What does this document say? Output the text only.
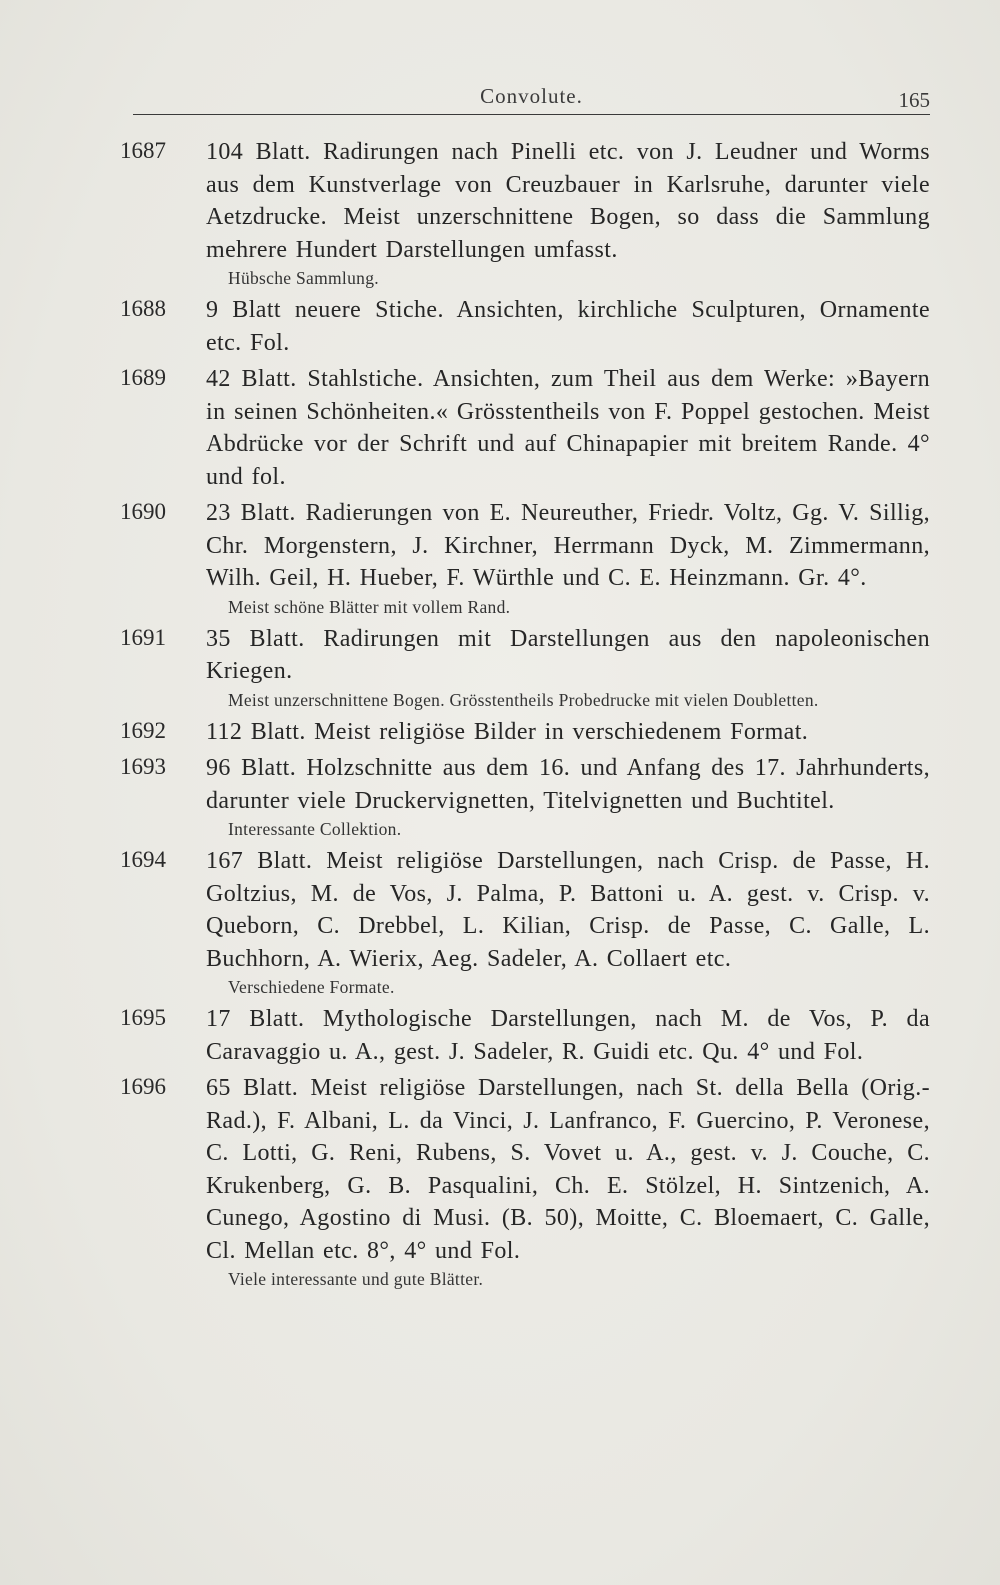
Convolute.	165
1687 104 Blatt. Radirungen nach Pinelli etc. von J. Leudner und Worms aus dem Kunstverlage von Creuzbauer in Karlsruhe, darunter viele Aetzdrucke. Meist unzerschnittene Bogen, so dass die Sammlung mehrere Hundert Darstellungen umfasst.
Hübsche Sammlung.
1688 9 Blatt neuere Stiche. Ansichten, kirchliche Sculpturen, Ornamente etc. Fol.
1689 42 Blatt. Stahlstiche. Ansichten, zum Theil aus dem Werke: »Bayern in seinen Schönheiten.« Grösstentheils von F. Poppel gestochen. Meist Abdrücke vor der Schrift und auf Chinapapier mit breitem Rande. 4° und fol.
1690 23 Blatt. Radierungen von E. Neureuther, Friedr. Voltz, Gg. V. Sillig, Chr. Morgenstern, J. Kirchner, Herrmann Dyck, M. Zimmermann, Wilh. Geil, H. Hueber, F. Würthle und C. E. Heinzmann. Gr. 4°.
Meist schöne Blätter mit vollem Rand.
1691 35 Blatt. Radirungen mit Darstellungen aus den napoleonischen Kriegen.
Meist unzerschnittene Bogen. Grösstentheils Probedrucke mit vielen Doubletten.
1692 112 Blatt. Meist religiöse Bilder in verschiedenem Format.
1693 96 Blatt. Holzschnitte aus dem 16. und Anfang des 17. Jahrhunderts, darunter viele Druckervignetten, Titelvignetten und Buchtitel.
Interessante Collektion.
1694 167 Blatt. Meist religiöse Darstellungen, nach Crisp. de Passe, H. Goltzius, M. de Vos, J. Palma, P. Battoni u. A. gest. v. Crisp. v. Queborn, C. Drebbel, L. Kilian, Crisp. de Passe, C. Galle, L. Buchhorn, A. Wierix, Aeg. Sadeler, A. Collaert etc.
Verschiedene Formate.
1695 17 Blatt. Mythologische Darstellungen, nach M. de Vos, P. da Caravaggio u. A., gest. J. Sadeler, R. Guidi etc. Qu. 4° und Fol.
1696 65 Blatt. Meist religiöse Darstellungen, nach St. della Bella (Orig.-Rad.), F. Albani, L. da Vinci, J. Lanfranco, F. Guercino, P. Veronese, C. Lotti, G. Reni, Rubens, S. Vovet u. A., gest. v. J. Couche, C. Krukenberg, G. B. Pasqualini, Ch. E. Stölzel, H. Sintzenich, A. Cunego, Agostino di Musi. (B. 50), Moitte, C. Bloemaert, C. Galle, Cl. Mellan etc. 8°, 4° und Fol.
Viele interessante und gute Blätter.
